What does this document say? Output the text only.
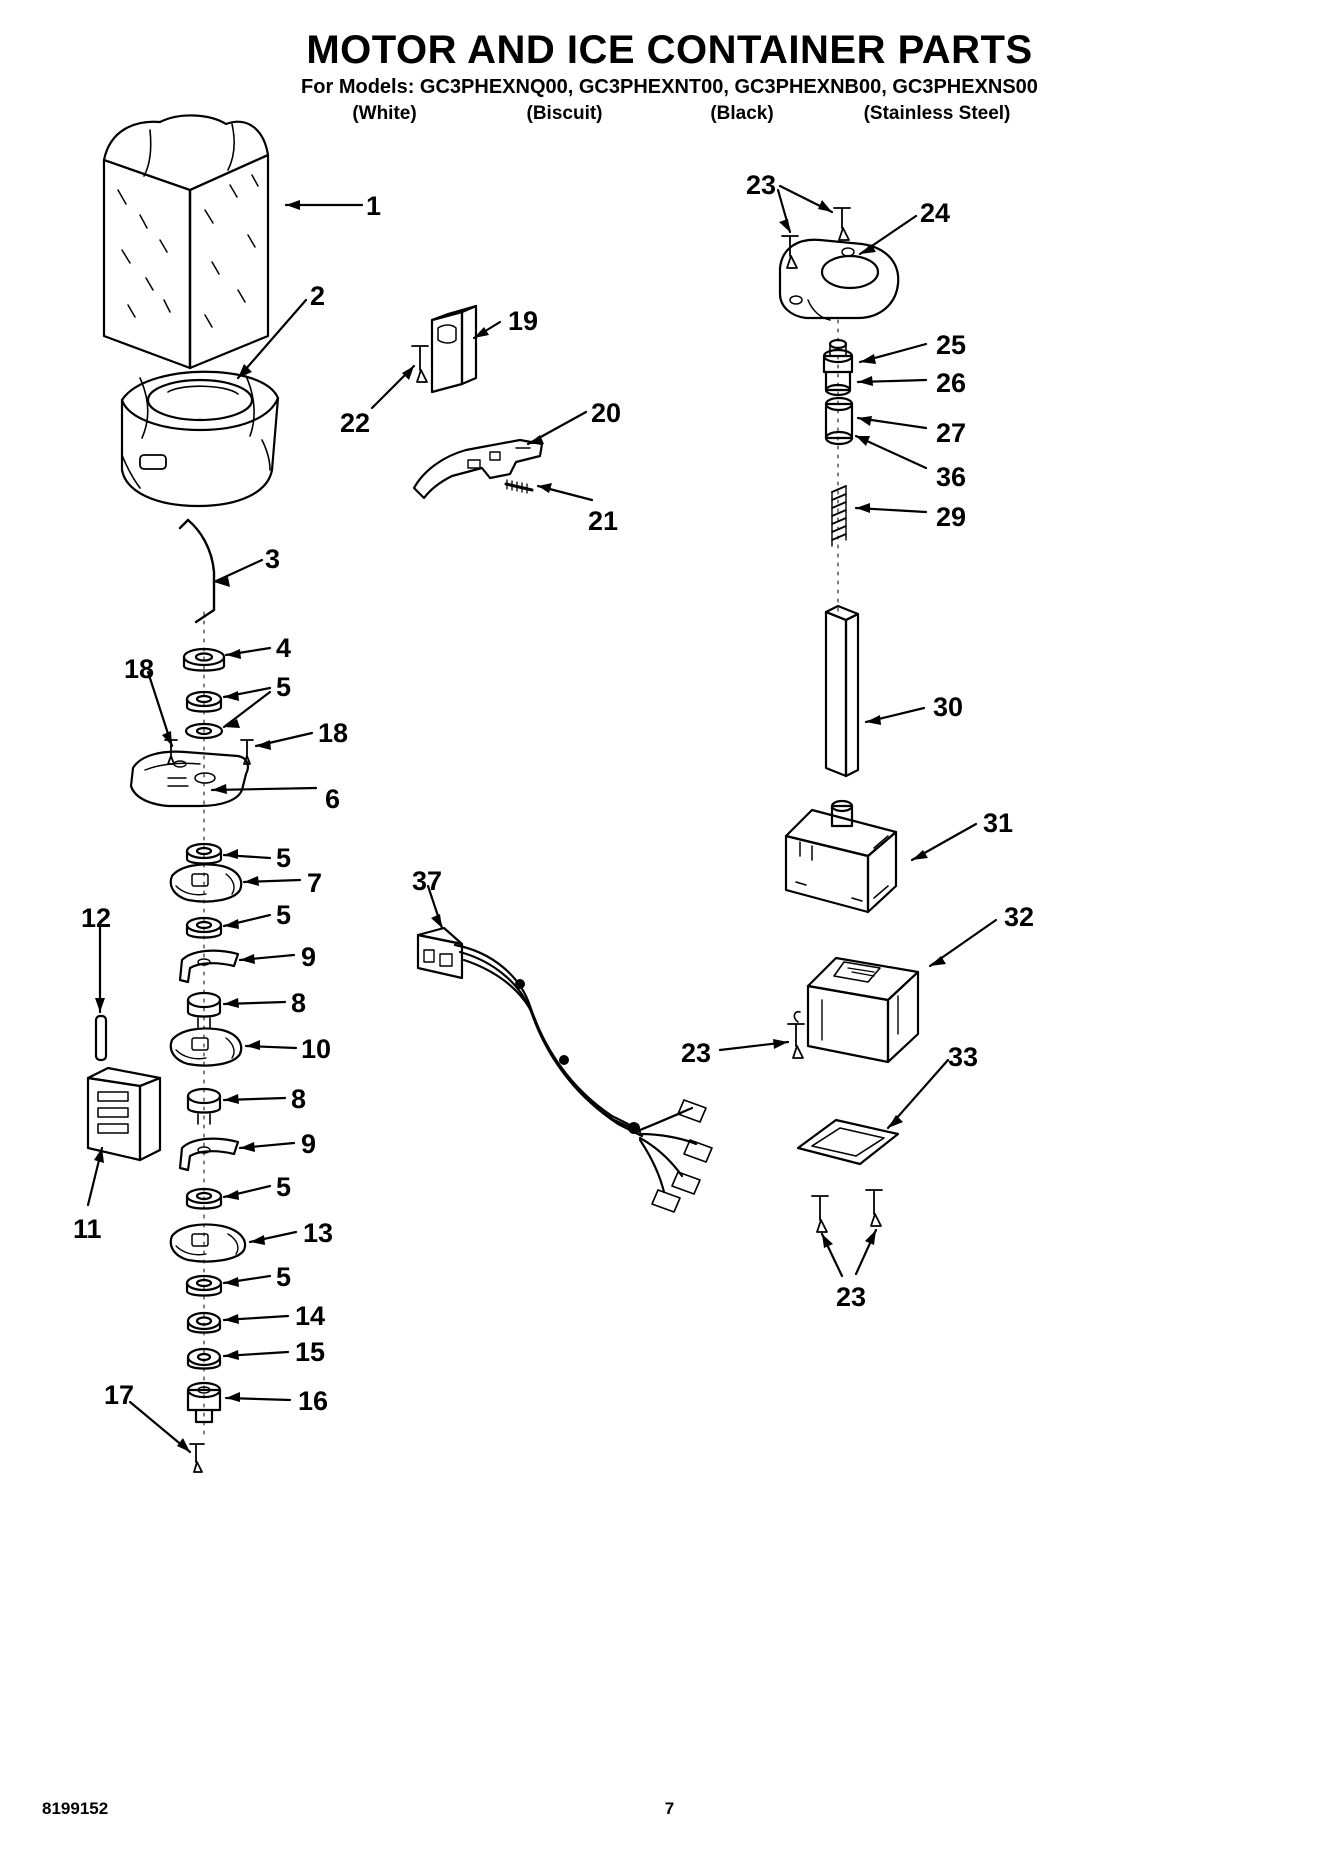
MOTOR AND ICE CONTAINER PARTS
For Models: GC3PHEXNQ00, GC3PHEXNT00, GC3PHEXNB00, GC3PHEXNS00
(White)	(Biscuit)	(Black)	(Stainless Steel)
1
2
3
4
5
18
18
6
5
7
5
9
8
10
8
9
5
13
5
14
15
16
17
12
11
19
22	20
21
37
23
24
25
26
27
36
29
30
31
32
23	33
23
8199152	7
